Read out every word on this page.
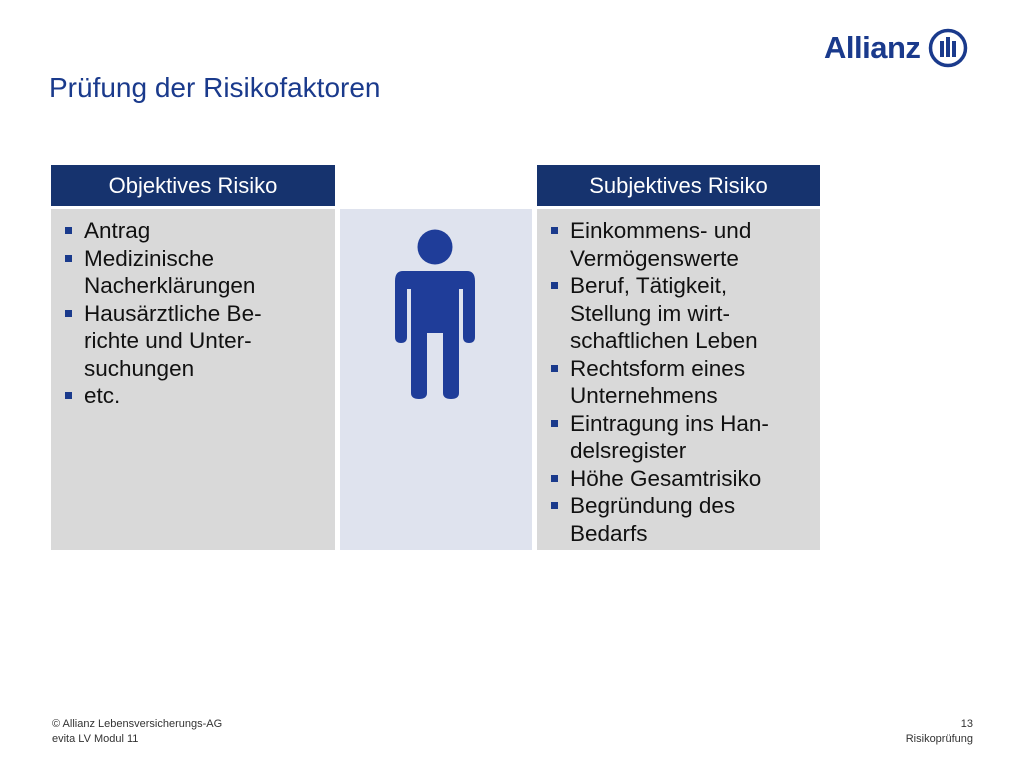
Allianz
Prüfung der Risikofaktoren
Objektives Risiko
Antrag
Medizinische Nacherklärungen
Hausärztliche Be-richte und Unter-suchungen
etc.
Subjektives Risiko
Einkommens- und Vermögenswerte
Beruf, Tätigkeit, Stellung im wirt-schaftlichen Leben
Rechtsform eines Unternehmens
Eintragung ins Han-delsregister
Höhe Gesamtrisiko
Begründung des Bedarfs
© Allianz Lebensversicherungs-AG
evita LV Modul 11
13
Risikoprüfung
